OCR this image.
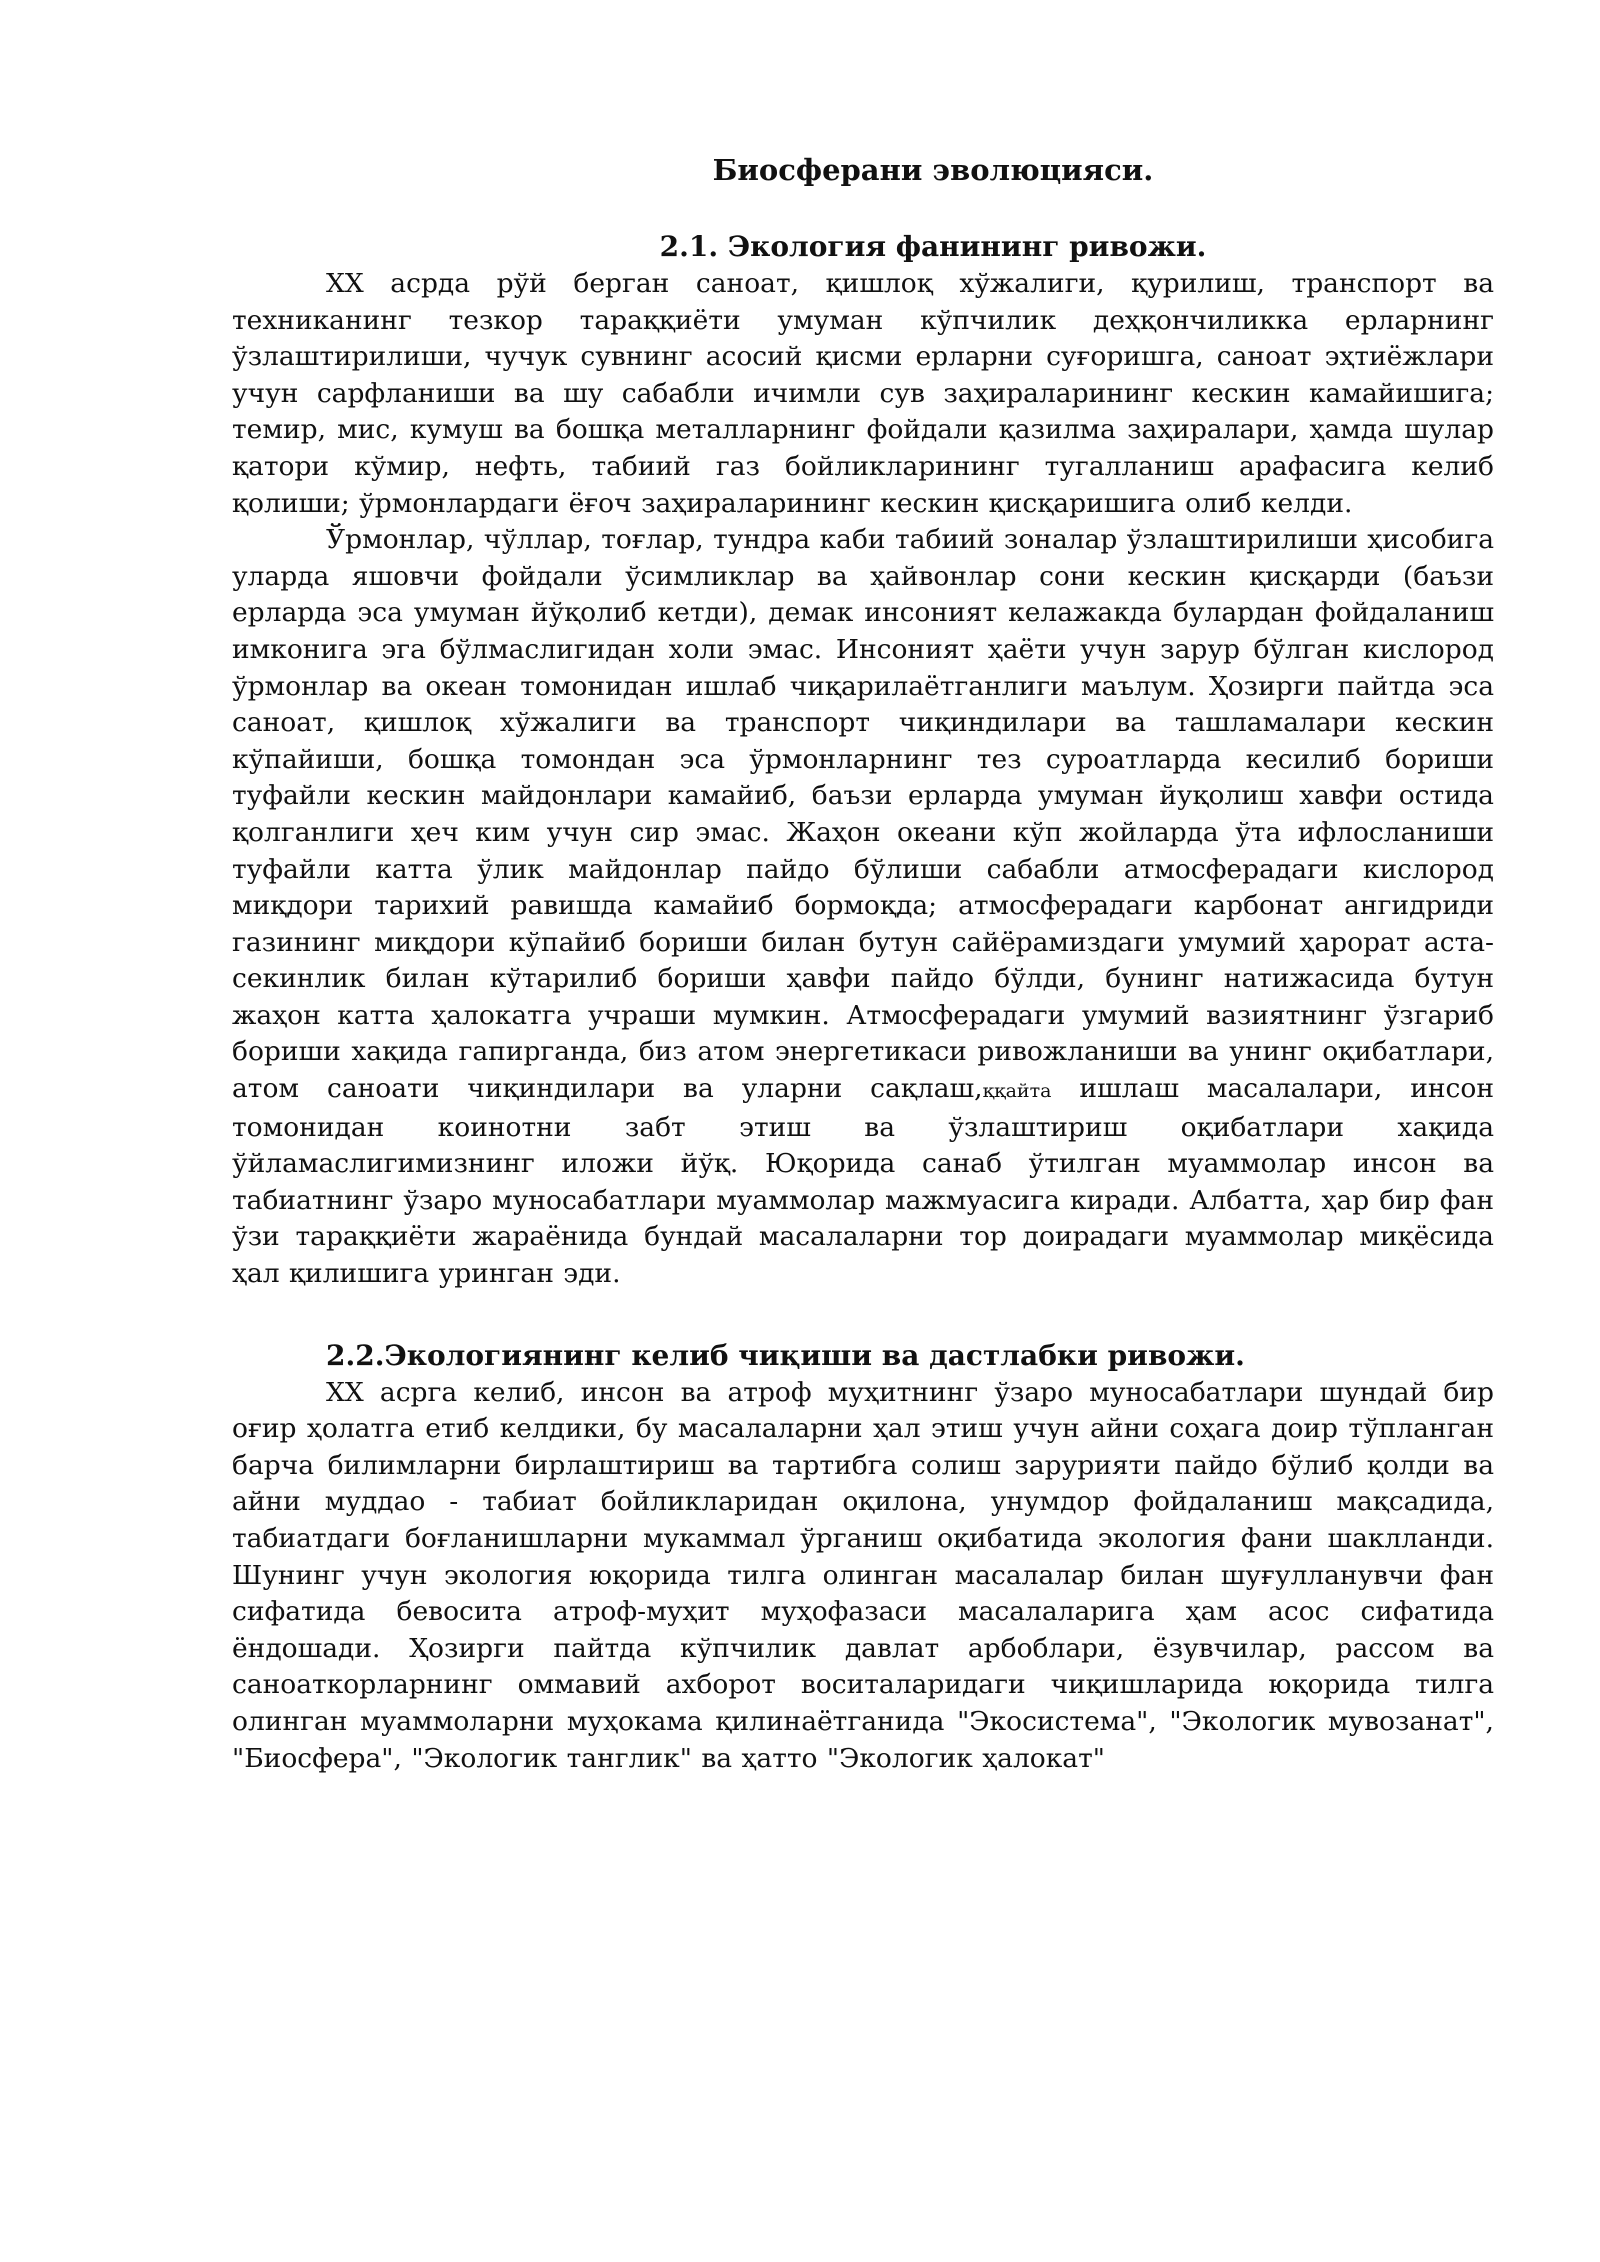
Биосферани эволюцияси.
2.1. Экология фанининг ривожи.

ХХ асрда рўй берган саноат, қишлоқ хўжалиги, қурилиш, транспорт ва техниканинг тезкор тараққиёти умуман кўпчилик деҳқончиликка ерларнинг ўзлаштирилиши, чучук сувнинг асосий қисми ерларни суғоришга, саноат эҳтиёжлари учун сарфланиши ва шу сабабли ичимли сув заҳираларининг кескин камайишига; темир, мис, кумуш ва бошқа металларнинг фойдали қазилма заҳиралари, ҳамда шулар қатори кўмир, нефть, табиий газ бойликларининг тугалланиш арафасига келиб қолиши; ўрмонлардаги ёғоч заҳираларининг кескин қисқаришига олиб келди.

Ўрмонлар, чўллар, тоғлар, тундра каби табиий зоналар ўзлаштирилиши ҳисобига уларда яшовчи фойдали ўсимликлар ва ҳайвонлар сони кескин қисқарди (баъзи ерларда эса умуман йўқолиб кетди), демак инсоният келажакда булардан фойдаланиш имконига эга бўлмаслигидан холи эмас. Инсоният ҳаёти учун зарур бўлган кислород ўрмонлар ва океан томонидан ишлаб чиқарилаётганлиги маълум. Ҳозирги пайтда эса саноат, қишлоқ хўжалиги ва транспорт чиқиндилари ва ташламалари кескин кўпайиши, бошқа томондан эса ўрмонларнинг тез суроатларда кесилиб бориши туфайли кескин майдонлари камайиб, баъзи ерларда умуман йуқолиш хавфи остида қолганлиги ҳеч ким учун сир эмас. Жаҳон океани кўп жойларда ўта ифлосланиши туфайли катта ўлик майдонлар пайдо бўлиши сабабли атмосферадаги кислород миқдори тарихий равишда камайиб бормоқда; атмосферадаги карбонат ангидриди газининг миқдори кўпайиб бориши билан бутун сайёрамиздаги умумий ҳарорат аста-секинлик билан кўтарилиб бориши ҳавфи пайдо бўлди, бунинг натижасида бутун жаҳон катта ҳалокатга учраши мумкин. Атмосферадаги умумий вазиятнинг ўзгариб бориши хақида гапирганда, биз атом энергетикаси ривожланиши ва унинг оқибатлари, атом саноати чиқиндилари ва уларни сақлаш,ққайта ишлаш масалалари, инсон томонидан коинотни забт этиш ва ўзлаштириш оқибатлари хақида ўйламаслигимизнинг иложи йўқ. Юқорида санаб ўтилган муаммолар инсон ва табиатнинг ўзаро муносабатлари муаммолар мажмуасига киради. Албатта, ҳар бир фан ўзи тараққиёти жараёнида бундай масалаларни тор доирадаги муаммолар миқёсида ҳал қилишига уринган эди.

2.2.Экологиянинг келиб чиқиши ва дастлабки ривожи.

ХХ асрга келиб, инсон ва атроф муҳитнинг ўзаро муносабатлари шундай бир оғир ҳолатга етиб келдики, бу масалаларни ҳал этиш учун айни соҳага доир тўпланган барча билимларни бирлаштириш ва тартибга солиш зарурияти пайдо бўлиб қолди ва айни муддао - табиат бойликларидан оқилона, унумдор фойдаланиш мақсадида, табиатдаги боғланишларни мукаммал ўрганиш оқибатида экология фани шаклланди. Шунинг учун экология юқорида тилга олинган масалалар билан шуғулланувчи фан сифатида бевосита атроф-муҳит муҳофазаси масалаларига ҳам асос сифатида ёндошади. Ҳозирги пайтда кўпчилик давлат арбоблари, ёзувчилар, рассом ва саноаткорларнинг оммавий ахборот воситаларидаги чиқишларида юқорида тилга олинган муаммоларни муҳокама қилинаётганида "Экосистема", "Экологик мувозанат", "Биосфера", "Экологик танглик" ва ҳатто "Экологик ҳалокат"
